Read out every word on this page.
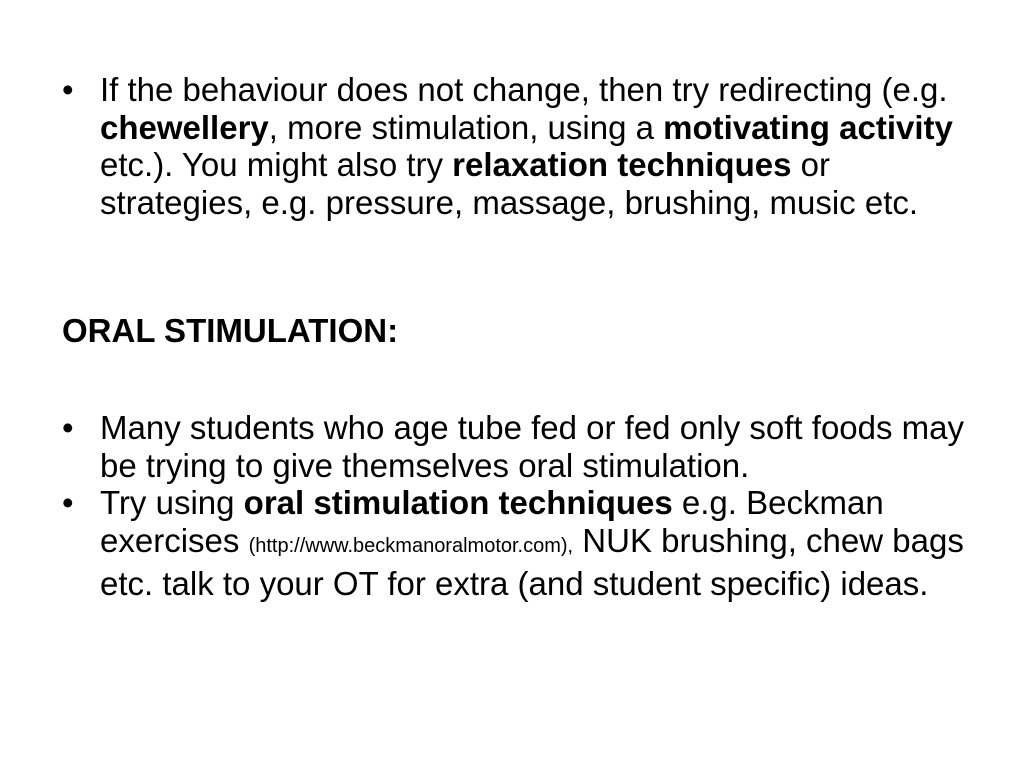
• If the behaviour does not change, then try redirecting (e.g. chewellery, more stimulation, using a motivating activity etc.). You might also try relaxation techniques or strategies, e.g. pressure, massage, brushing, music etc.
ORAL STIMULATION:
• Many students who age tube fed or fed only soft foods may be trying to give themselves oral stimulation.
• Try using oral stimulation techniques e.g. Beckman exercises (http://www.beckmanoralmotor.com), NUK brushing, chew bags etc. talk to your OT for extra (and student specific) ideas.
